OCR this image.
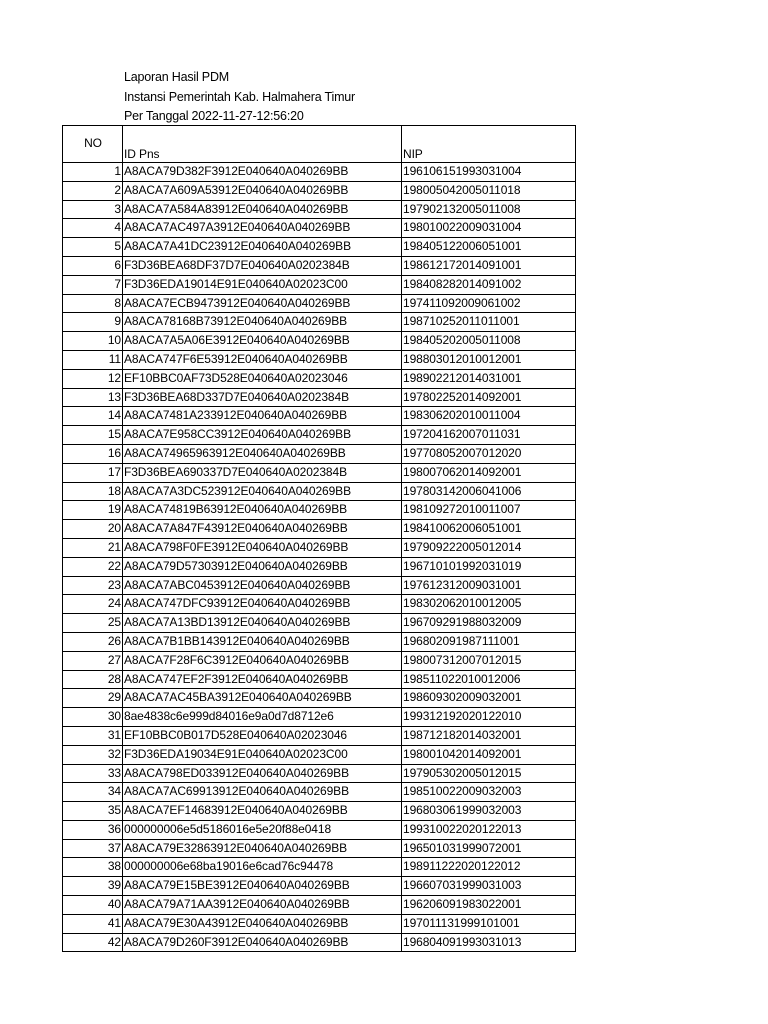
Laporan Hasil PDM
Instansi Pemerintah Kab. Halmahera Timur
Per Tanggal 2022-11-27-12:56:20
NO	ID Pns	NIP
1	A8ACA79D382F3912E040640A040269BB	196106151993031004
2	A8ACA7A609A53912E040640A040269BB	198005042005011018
3	A8ACA7A584A83912E040640A040269BB	197902132005011008
4	A8ACA7AC497A3912E040640A040269BB	198010022009031004
5	A8ACA7A41DC23912E040640A040269BB	198405122006051001
6	F3D36BEA68DF37D7E040640A0202384B	198612172014091001
7	F3D36EDA19014E91E040640A02023C00	198408282014091002
8	A8ACA7ECB9473912E040640A040269BB	197411092009061002
9	A8ACA78168B73912E040640A040269BB	198710252011011001
10	A8ACA7A5A06E3912E040640A040269BB	198405202005011008
11	A8ACA747F6E53912E040640A040269BB	198803012010012001
12	EF10BBC0AF73D528E040640A02023046	198902212014031001
13	F3D36BEA68D337D7E040640A0202384B	197802252014092001
14	A8ACA7481A233912E040640A040269BB	198306202010011004
15	A8ACA7E958CC3912E040640A040269BB	197204162007011031
16	A8ACA74965963912E040640A040269BB	197708052007012020
17	F3D36BEA690337D7E040640A0202384B	198007062014092001
18	A8ACA7A3DC523912E040640A040269BB	197803142006041006
19	A8ACA74819B63912E040640A040269BB	198109272010011007
20	A8ACA7A847F43912E040640A040269BB	198410062006051001
21	A8ACA798F0FE3912E040640A040269BB	197909222005012014
22	A8ACA79D57303912E040640A040269BB	196710101992031019
23	A8ACA7ABC0453912E040640A040269BB	197612312009031001
24	A8ACA747DFC93912E040640A040269BB	198302062010012005
25	A8ACA7A13BD13912E040640A040269BB	196709291988032009
26	A8ACA7B1BB143912E040640A040269BB	196802091987111001
27	A8ACA7F28F6C3912E040640A040269BB	198007312007012015
28	A8ACA747EF2F3912E040640A040269BB	198511022010012006
29	A8ACA7AC45BA3912E040640A040269BB	198609302009032001
30	8ae4838c6e999d84016e9a0d7d8712e6	199312192020122010
31	EF10BBC0B017D528E040640A02023046	198712182014032001
32	F3D36EDA19034E91E040640A02023C00	198001042014092001
33	A8ACA798ED033912E040640A040269BB	197905302005012015
34	A8ACA7AC69913912E040640A040269BB	198510022009032003
35	A8ACA7EF14683912E040640A040269BB	196803061999032003
36	000000006e5d5186016e5e20f88e0418	199310022020122013
37	A8ACA79E32863912E040640A040269BB	196501031999072001
38	000000006e68ba19016e6cad76c94478	198911222020122012
39	A8ACA79E15BE3912E040640A040269BB	196607031999031003
40	A8ACA79A71AA3912E040640A040269BB	196206091983022001
41	A8ACA79E30A43912E040640A040269BB	197011131999101001
42	A8ACA79D260F3912E040640A040269BB	196804091993031013
